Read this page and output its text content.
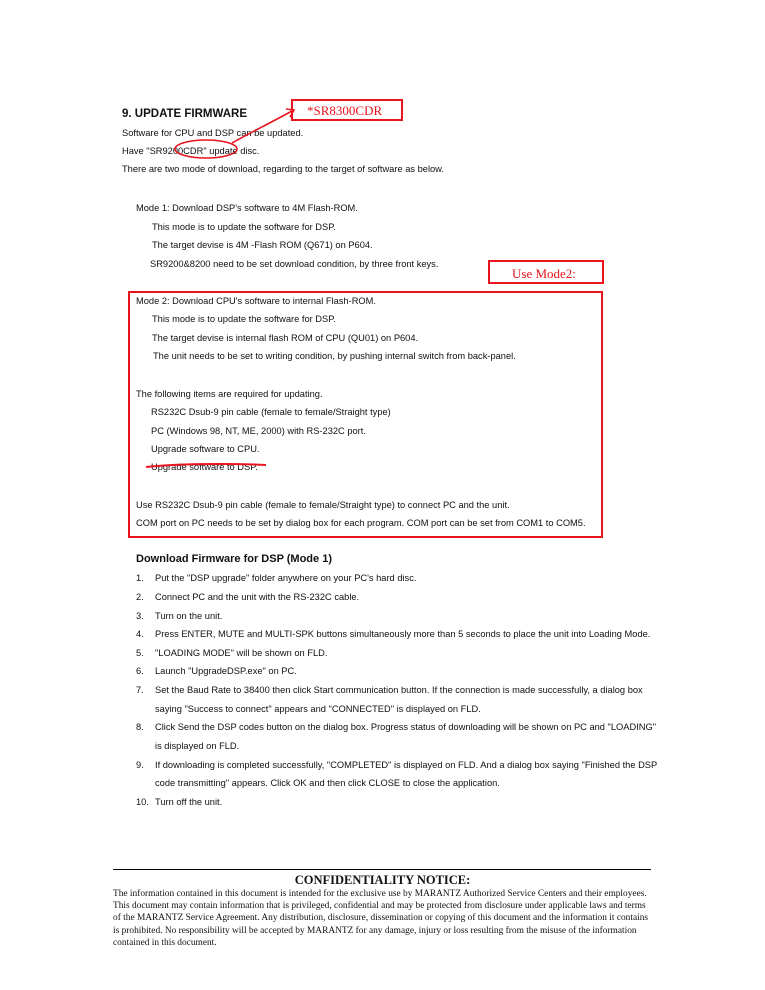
9. UPDATE FIRMWARE	*SR8300CDR
Software for CPU and DSP can be updated.
Have "SR9200CDR" update disc.
There are two mode of download, regarding to the target of software as below.
Mode 1: Download DSP's software to 4M Flash-ROM.
This mode is to update the software for DSP.
The target devise is 4M -Flash ROM (Q671) on P604.
SR9200&8200 need to be set download condition, by three front keys.
Use Mode2:
Mode 2: Download CPU's software to internal Flash-ROM.
This mode is to update the software for DSP.
The target devise is internal flash ROM of CPU (QU01) on P604.
The unit needs to be set to writing condition, by pushing internal switch from back-panel.
The following items are required for updating.
RS232C Dsub-9 pin cable (female to female/Straight type)
PC (Windows 98, NT, ME, 2000) with RS-232C port.
Upgrade software to CPU.
Upgrade software to DSP.
Use RS232C Dsub-9 pin cable (female to female/Straight type) to connect PC and the unit.
COM port on PC needs to be set by dialog box for each program. COM port can be set from COM1 to COM5.
Download Firmware for DSP (Mode 1)
1. Put the "DSP upgrade" folder anywhere on your PC's hard disc.
2. Connect PC and the unit with the RS-232C cable.
3. Turn on the unit.
4. Press ENTER, MUTE and MULTI-SPK buttons simultaneously more than 5 seconds to place the unit into Loading Mode.
5. "LOADING MODE" will be shown on FLD.
6. Launch "UpgradeDSP.exe" on PC.
7. Set the Baud Rate to 38400 then click Start communication button. If the connection is made successfully, a dialog box
saying "Success to connect" appears and "CONNECTED" is displayed on FLD.
8. Click Send the DSP codes button on the dialog box. Progress status of downloading will be shown on PC and "LOADING"
is displayed on FLD.
9. If downloading is completed successfully, "COMPLETED" is displayed on FLD. And a dialog box saying "Finished the DSP
code transmitting" appears. Click OK and then click CLOSE to close the application.
10. Turn off the unit.
CONFIDENTIALITY NOTICE:
The information contained in this document is intended for the exclusive use by MARANTZ Authorized Service Centers and their employees. This document may contain information that is privileged, confidential and may be protected from disclosure under applicable laws and terms of the MARANTZ Service Agreement. Any distribution, disclosure, dissemination or copying of this document and the information it contains is prohibited. No responsibility will be accepted by MARANTZ for any damage, injury or loss resulting from the misuse of the information contained in this document.
